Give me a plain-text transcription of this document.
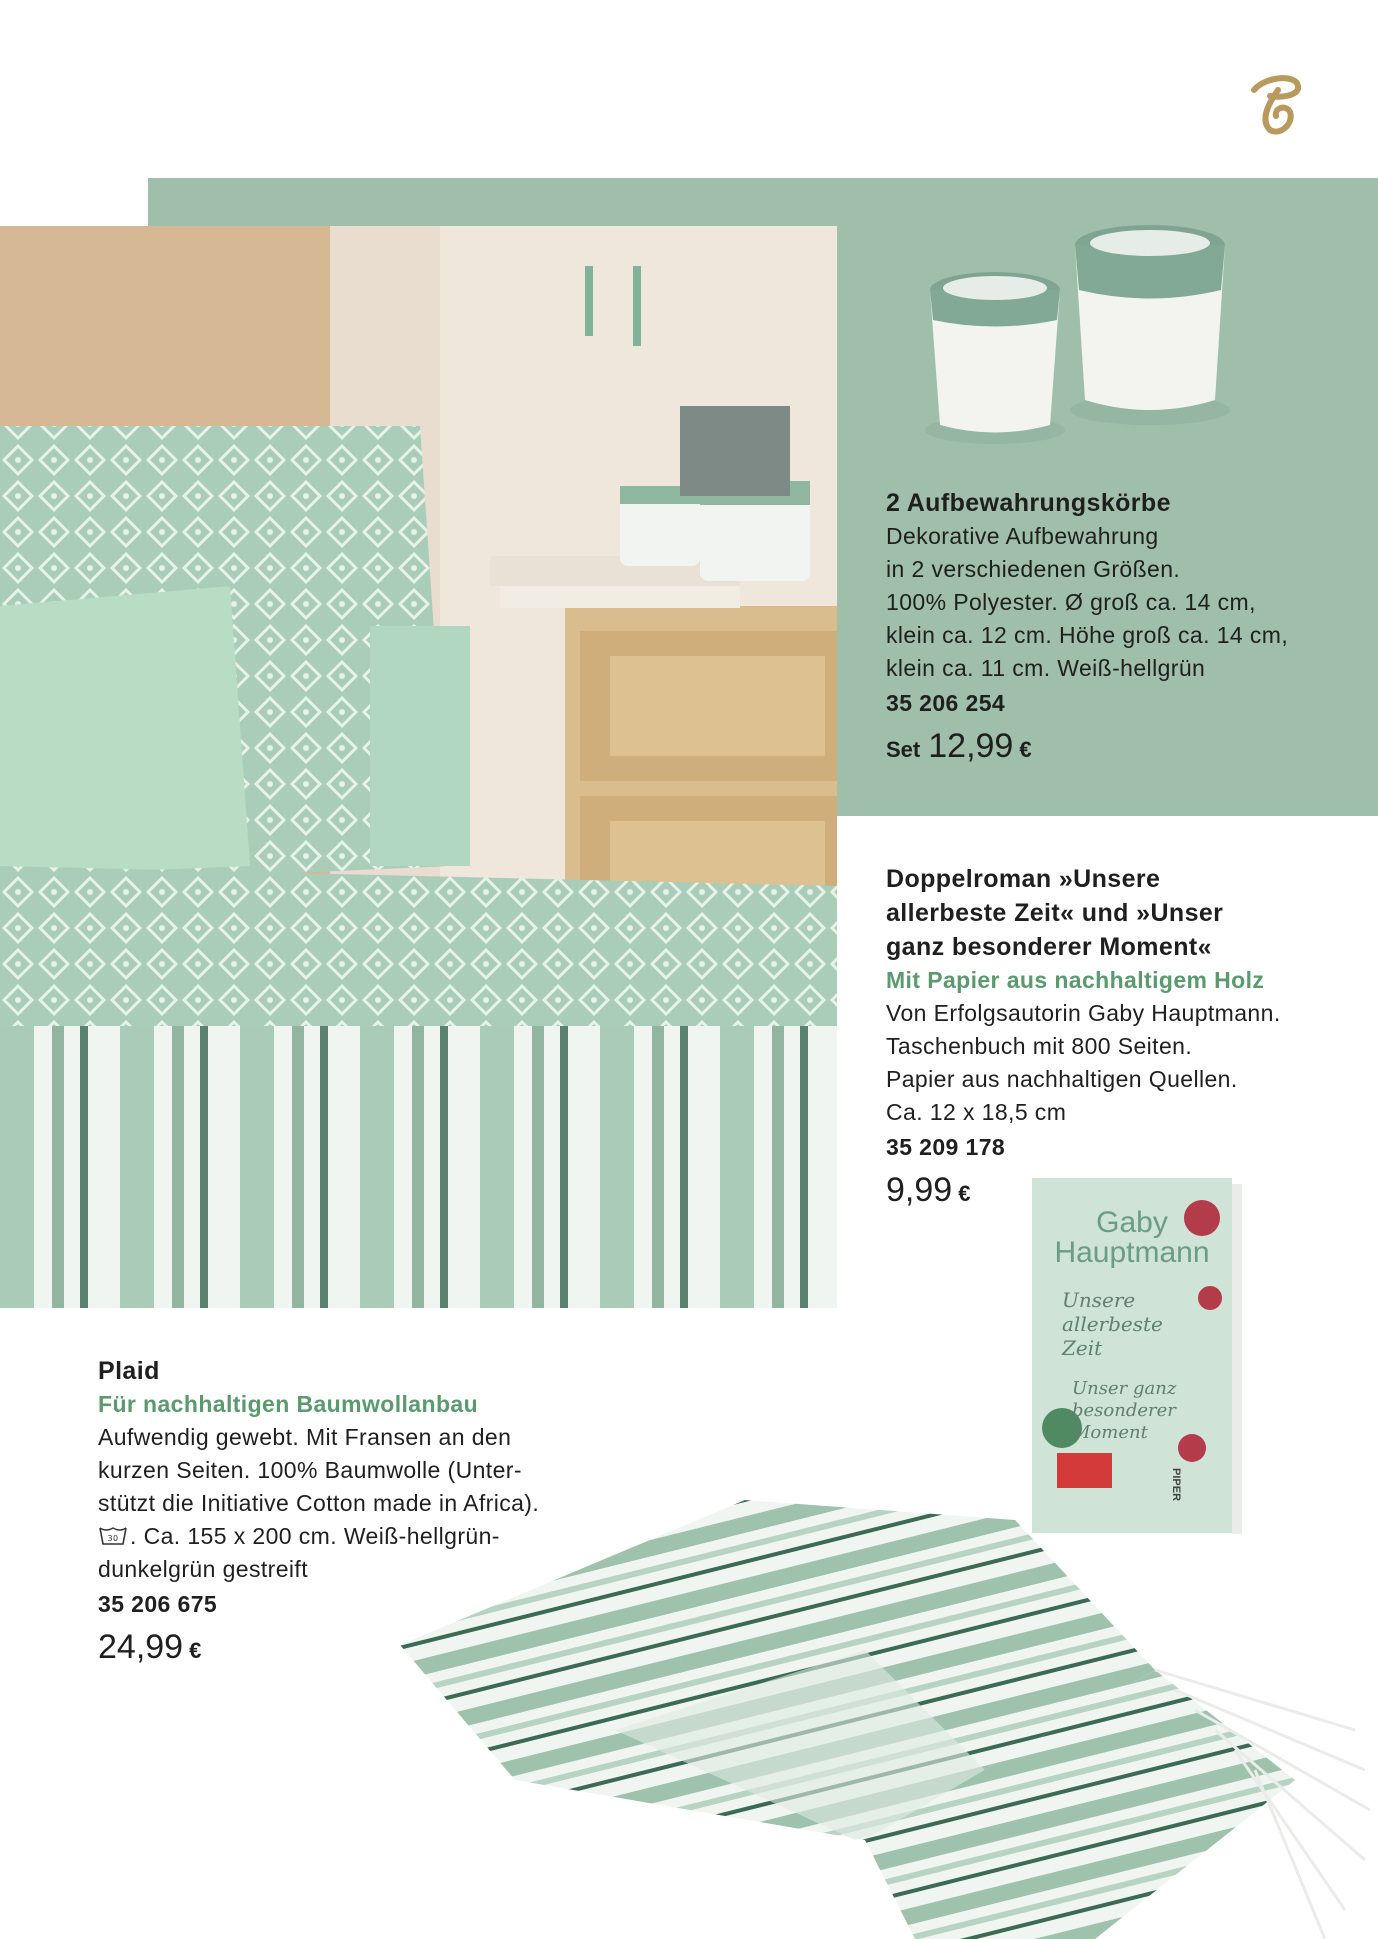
2 Aufbewahrungskörbe
Dekorative Aufbewahrung
in 2 verschiedenen Größen.
100% Polyester. Ø groß ca. 14 cm,
klein ca. 12 cm. Höhe groß ca. 14 cm,
klein ca. 11 cm. Weiß-hellgrün
35 206 254
Set 12,99 €
Doppelroman »Unsere
allerbeste Zeit« und »Unser
ganz besonderer Moment«
Mit Papier aus nachhaltigem Holz
Von Erfolgsautorin Gaby Hauptmann.
Taschenbuch mit 800 Seiten.
Papier aus nachhaltigen Quellen.
Ca. 12 x 18,5 cm
35 209 178
9,99 €
Gaby
Hauptmann
Unsere allerbeste Zeit
Unser ganz besonderer Moment
PIPER
Plaid
Für nachhaltigen Baumwollanbau
Aufwendig gewebt. Mit Fransen an den
kurzen Seiten. 100% Baumwolle (Unter-
stützt die Initiative Cotton made in Africa).
30 . Ca. 155 x 200 cm. Weiß-hellgrün-
dunkelgrün gestreift
35 206 675
24,99 €
